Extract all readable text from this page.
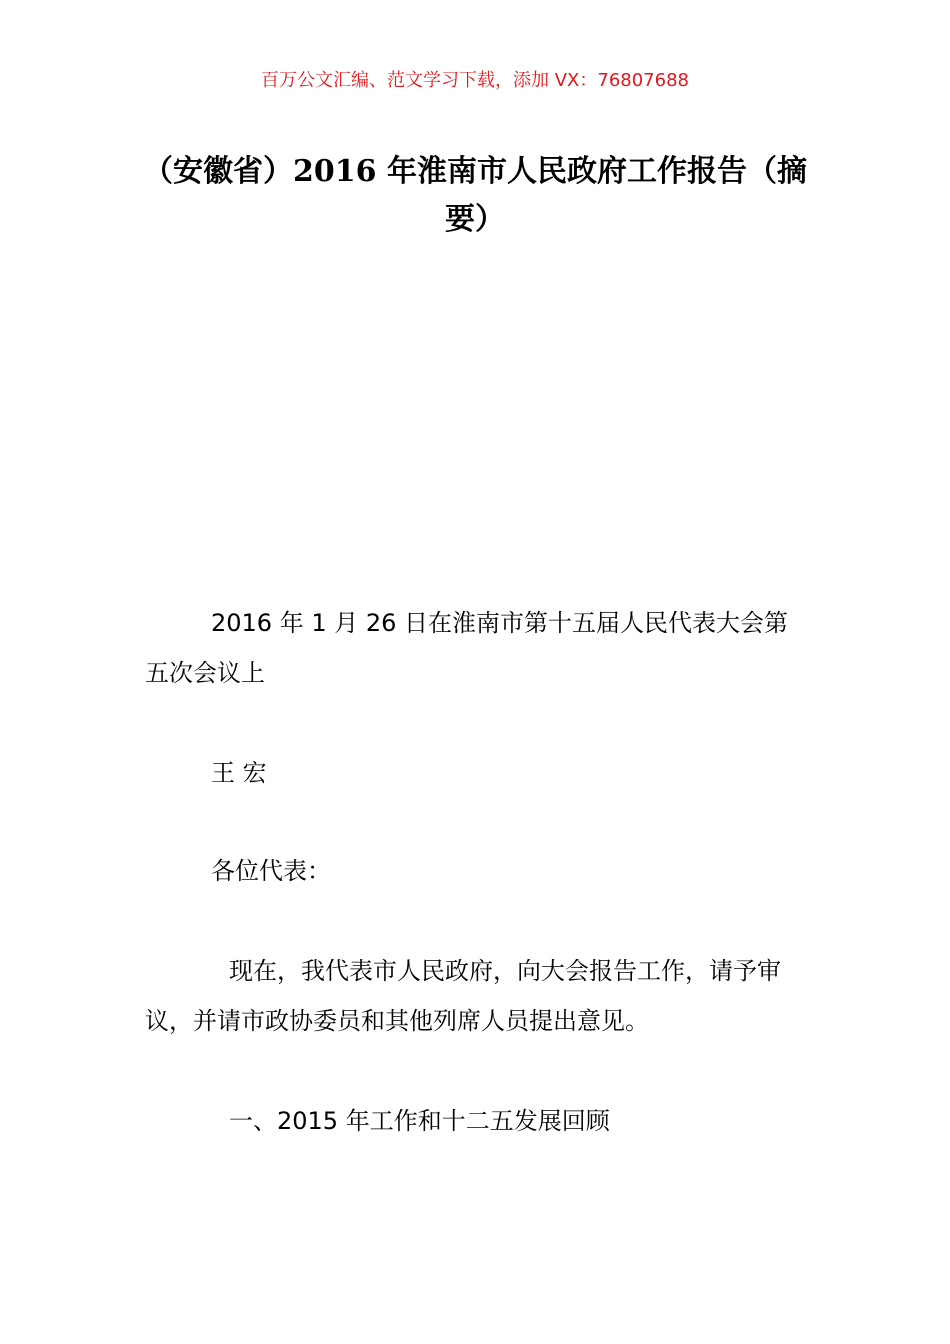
百万公文汇编、范文学习下载，添加 VX：76807688
（安徽省）2016 年淮南市人民政府工作报告（摘要）

2016 年 1 月 26 日在淮南市第十五届人民代表大会第五次会议上

王 宏

各位代表：

现在，我代表市人民政府，向大会报告工作，请予审议，并请市政协委员和其他列席人员提出意见。

一、2015 年工作和十二五发展回顾
